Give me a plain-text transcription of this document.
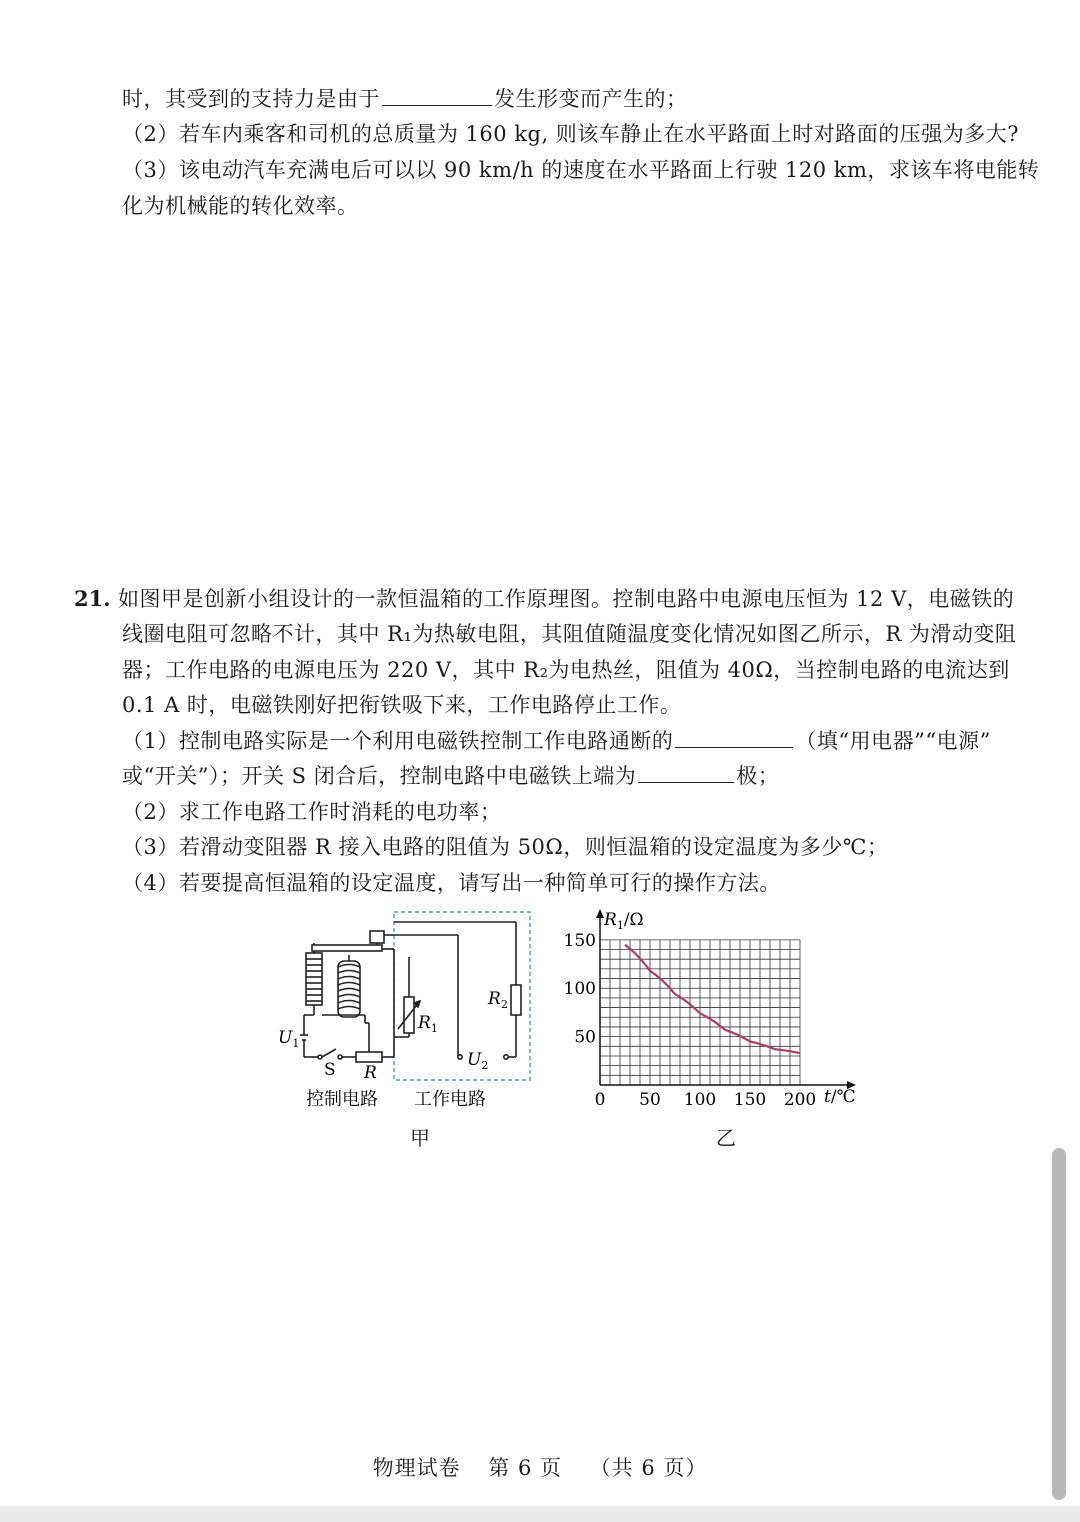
时，其受到的支持力是由于	发生形变而产生的；
（2）若车内乘客和司机的总质量为 160 kg, 则该车静止在水平路面上时对路面的压强为多大?
（3）该电动汽车充满电后可以以 90 km/h 的速度在水平路面上行驶 120 km，求该车将电能转
化为机械能的转化效率。
21. 如图甲是创新小组设计的一款恒温箱的工作原理图。控制电路中电源电压恒为 12 V，电磁铁的
线圈电阻可忽略不计，其中 R₁为热敏电阻，其阻值随温度变化情况如图乙所示，R 为滑动变阻
器；工作电路的电源电压为 220 V，其中 R₂为电热丝，阻值为 40Ω，当控制电路的电流达到
0.1 A 时，电磁铁刚好把衔铁吸下来，工作电路停止工作。
（1）控制电路实际是一个利用电磁铁控制工作电路通断的	（填“用电器”“电源”
或“开关”）；开关 S 闭合后，控制电路中电磁铁上端为	极；
（2）求工作电路工作时消耗的电功率；
（3）若滑动变阻器 R 接入电路的阻值为 50Ω，则恒温箱的设定温度为多少℃；
（4）若要提高恒温箱的设定温度，请写出一种简单可行的操作方法。
$U_1$
S R
$R_1$
$R_2$
$U_2$
控制电路 工作电路
甲
0 50 100 150 200
50
100
150
$R_1/\Omega$
t/℃
乙
物理试卷 第 6 页 （共 6 页）
